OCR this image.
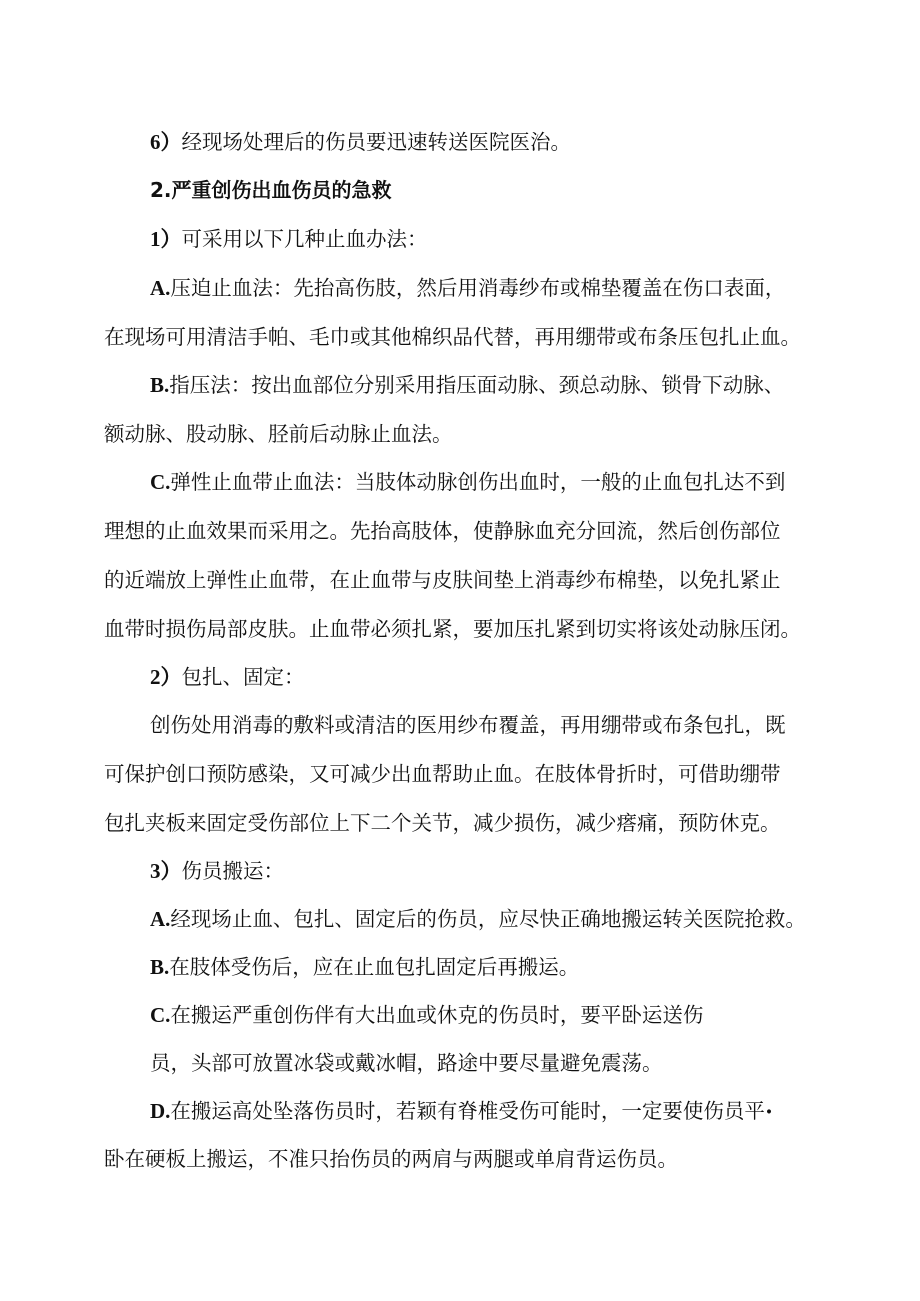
6）经现场处理后的伤员要迅速转送医院医治。
2.严重创伤出血伤员的急救
1）可采用以下几种止血办法：
A.压迫止血法：先抬高伤肢，然后用消毒纱布或棉垫覆盖在伤口表面，
在现场可用清洁手帕、毛巾或其他棉织品代替，再用绷带或布条压包扎止血。
B.指压法：按出血部位分别采用指压面动脉、颈总动脉、锁骨下动脉、
额动脉、股动脉、胫前后动脉止血法。
C.弹性止血带止血法：当肢体动脉创伤出血时，一般的止血包扎达不到
理想的止血效果而采用之。先抬高肢体，使静脉血充分回流，然后创伤部位
的近端放上弹性止血带，在止血带与皮肤间垫上消毒纱布棉垫，以免扎紧止
血带时损伤局部皮肤。止血带必须扎紧，要加压扎紧到切实将该处动脉压闭。
2）包扎、固定：
创伤处用消毒的敷料或清洁的医用纱布覆盖，再用绷带或布条包扎，既
可保护创口预防感染，又可减少出血帮助止血。在肢体骨折时，可借助绷带
包扎夹板来固定受伤部位上下二个关节，减少损伤，减少瘩痛，预防休克。
3）伤员搬运：
A.经现场止血、包扎、固定后的伤员，应尽快正确地搬运转关医院抢救。
B.在肢体受伤后，应在止血包扎固定后再搬运。
C.在搬运严重创伤伴有大出血或休克的伤员时，要平卧运送伤
员，头部可放置冰袋或戴冰帽，路途中要尽量避免震荡。
D.在搬运高处坠落伤员时，若颖有脊椎受伤可能时，一定要使伤员平•
卧在硬板上搬运，不准只抬伤员的两肩与两腿或单肩背运伤员。
